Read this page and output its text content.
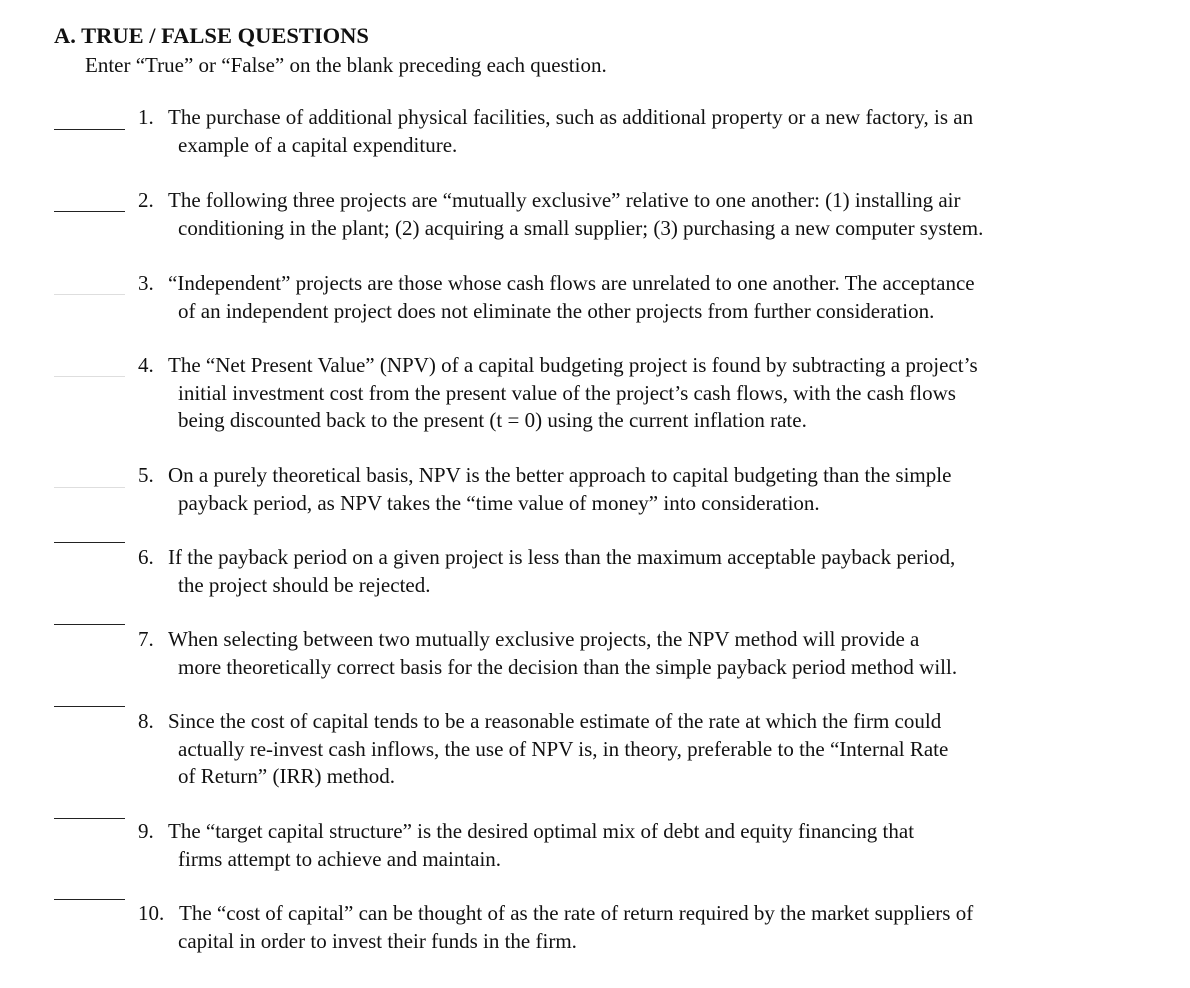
A. TRUE / FALSE QUESTIONS

Enter “True” or “False” on the blank preceding each question.

1. The purchase of additional physical facilities, such as additional property or a new factory, is an
example of a capital expenditure.
2. The following three projects are “mutually exclusive” relative to one another: (1) installing air
conditioning in the plant; (2) acquiring a small supplier; (3) purchasing a new computer system.
3. “Independent” projects are those whose cash flows are unrelated to one another. The acceptance
of an independent project does not eliminate the other projects from further consideration.
4. The “Net Present Value” (NPV) of a capital budgeting project is found by subtracting a project’s
initial investment cost from the present value of the project’s cash flows, with the cash flows
being discounted back to the present (t = 0) using the current inflation rate.
5. On a purely theoretical basis, NPV is the better approach to capital budgeting than the simple
payback period, as NPV takes the “time value of money” into consideration.
6. If the payback period on a given project is less than the maximum acceptable payback period,
the project should be rejected.
7. When selecting between two mutually exclusive projects, the NPV method will provide a
more theoretically correct basis for the decision than the simple payback period method will.
8. Since the cost of capital tends to be a reasonable estimate of the rate at which the firm could
actually re-invest cash inflows, the use of NPV is, in theory, preferable to the “Internal Rate
of Return” (IRR) method.
9. The “target capital structure” is the desired optimal mix of debt and equity financing that
firms attempt to achieve and maintain.
10. The “cost of capital” can be thought of as the rate of return required by the market suppliers of
capital in order to invest their funds in the firm.
